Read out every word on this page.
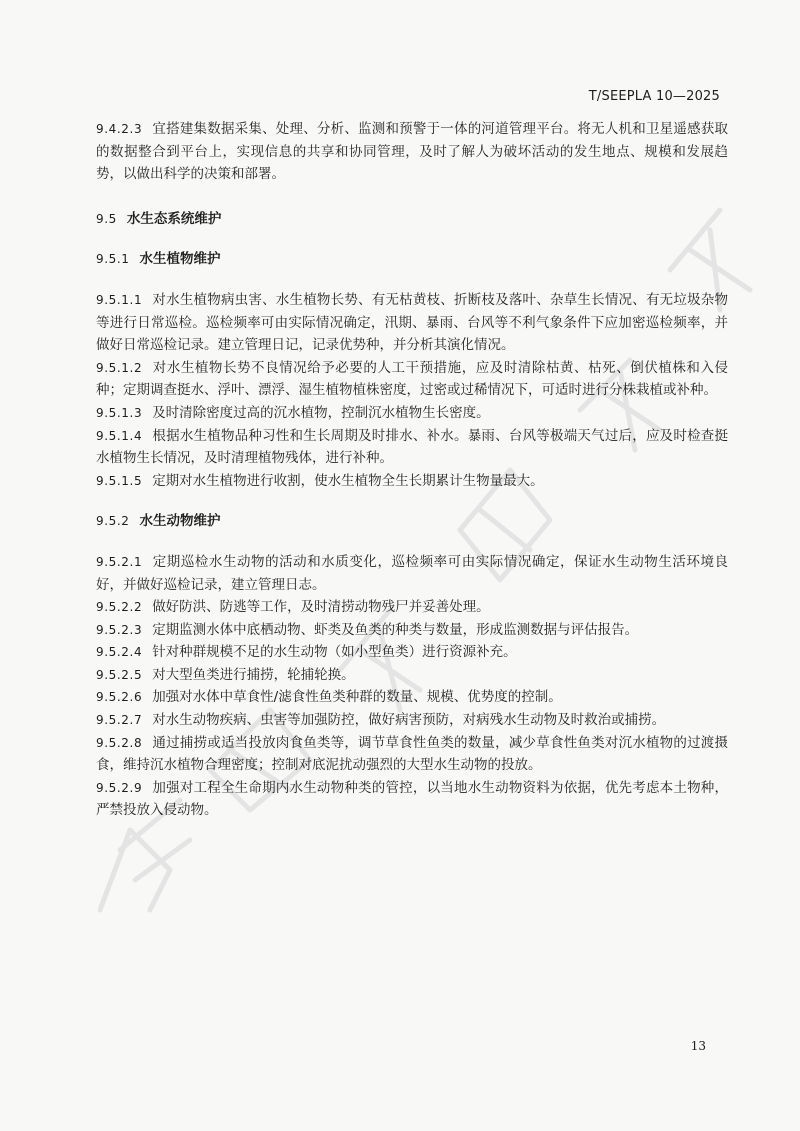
T/SEEPLA 10—2025

9.4.2.3 宜搭建集数据采集、处理、分析、监测和预警于一体的河道管理平台。将无人机和卫星遥感获取的数据整合到平台上，实现信息的共享和协同管理，及时了解人为破坏活动的发生地点、规模和发展趋势，以做出科学的决策和部署。

9.5 水生态系统维护

9.5.1 水生植物维护

9.5.1.1 对水生植物病虫害、水生植物长势、有无枯黄枝、折断枝及落叶、杂草生长情况、有无垃圾杂物等进行日常巡检。巡检频率可由实际情况确定，汛期、暴雨、台风等不利气象条件下应加密巡检频率，并做好日常巡检记录。建立管理日记，记录优势种，并分析其演化情况。

9.5.1.2 对水生植物长势不良情况给予必要的人工干预措施，应及时清除枯黄、枯死、倒伏植株和入侵种；定期调查挺水、浮叶、漂浮、湿生植物植株密度，过密或过稀情况下，可适时进行分株栽植或补种。

9.5.1.3 及时清除密度过高的沉水植物，控制沉水植物生长密度。

9.5.1.4 根据水生植物品种习性和生长周期及时排水、补水。暴雨、台风等极端天气过后，应及时检查挺水植物生长情况，及时清理植物残体，进行补种。

9.5.1.5 定期对水生植物进行收割，使水生植物全生长期累计生物量最大。

9.5.2 水生动物维护

9.5.2.1 定期巡检水生动物的活动和水质变化，巡检频率可由实际情况确定，保证水生动物生活环境良好，并做好巡检记录，建立管理日志。

9.5.2.2 做好防洪、防逃等工作，及时清捞动物残尸并妥善处理。

9.5.2.3 定期监测水体中底栖动物、虾类及鱼类的种类与数量，形成监测数据与评估报告。

9.5.2.4 针对种群规模不足的水生动物（如小型鱼类）进行资源补充。

9.5.2.5 对大型鱼类进行捕捞，轮捕轮换。

9.5.2.6 加强对水体中草食性/滤食性鱼类种群的数量、规模、优势度的控制。

9.5.2.7 对水生动物疾病、虫害等加强防控，做好病害预防，对病残水生动物及时救治或捕捞。

9.5.2.8 通过捕捞或适当投放肉食鱼类等，调节草食性鱼类的数量，减少草食性鱼类对沉水植物的过渡摄食，维持沉水植物合理密度；控制对底泥扰动强烈的大型水生动物的投放。

9.5.2.9 加强对工程全生命期内水生动物种类的管控，以当地水生动物资料为依据，优先考虑本土物种，严禁投放入侵动物。

13
